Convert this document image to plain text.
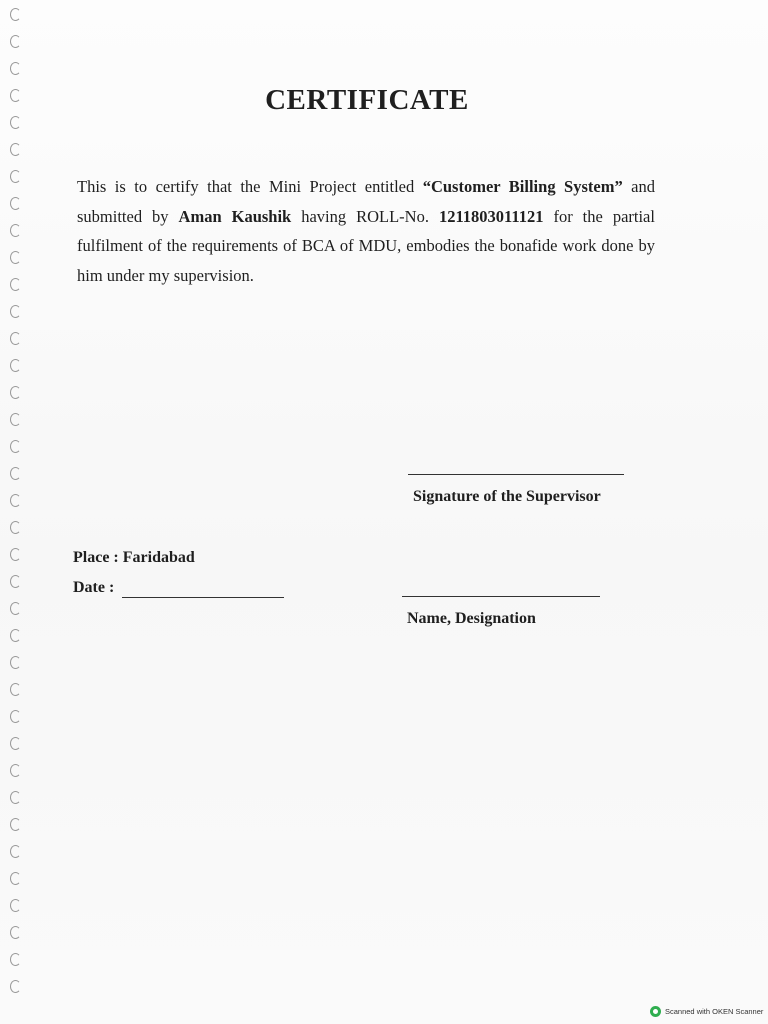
CERTIFICATE

This is to certify that the Mini Project entitled “Customer Billing System” and submitted by Aman Kaushik having ROLL-No. 1211803011121 for the partial fulfilment of the requirements of BCA of MDU, embodies the bonafide work done by him under my supervision.

Signature of the Supervisor
Place : Faridabad
Date :
Name, Designation
Scanned with OKEN Scanner
